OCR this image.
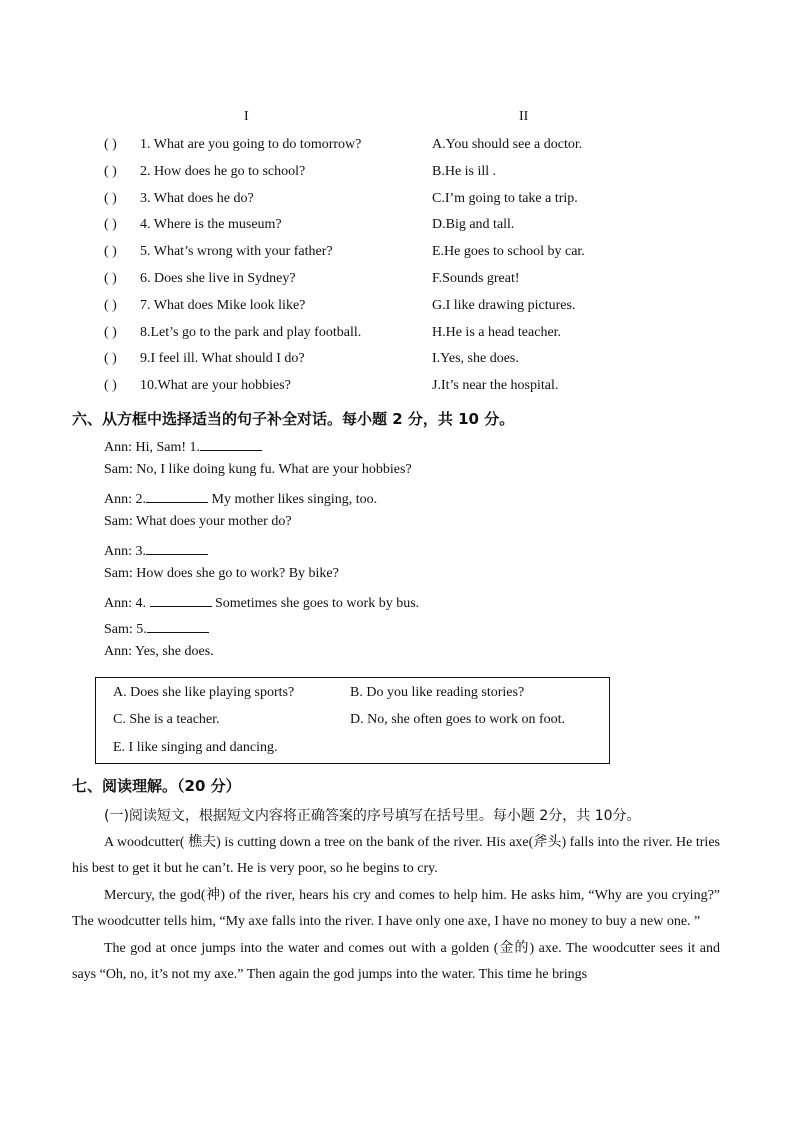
I	II
( ) 1. What are you going to do tomorrow?	A.You should see a doctor.
( ) 2. How does he go to school?	B.He is ill .
( ) 3. What does he do?	C.I’m going to take a trip.
( ) 4. Where is the museum?	D.Big and tall.
( ) 5. What’s wrong with your father?	E.He goes to school by car.
( ) 6. Does she live in Sydney?	F.Sounds great!
( ) 7. What does Mike look like?	G.I like drawing pictures.
( ) 8.Let’s go to the park and play football.	H.He is a head teacher.
( ) 9.I feel ill. What should I do?	I.Yes, she does.
( ) 10.What are your hobbies?	J.It’s near the hospital.
六、从方框中选择适当的句子补全对话。每小题 2 分，共 10 分。
Ann: Hi, Sam! 1.
Sam: No, I like doing kung fu. What are your hobbies?
Ann: 2.	My mother likes singing, too.
Sam: What does your mother do?
Ann: 3.
Sam: How does she go to work? By bike?
Ann: 4.	Sometimes she goes to work by bus.
Sam: 5.
Ann: Yes, she does.
A. Does she like playing sports?	B. Do you like reading stories?
C. She is a teacher.	D. No, she often goes to work on foot.
E. I like singing and dancing.
七、阅读理解。（20 分）

(一)阅读短文，根据短文内容将正确答案的序号填写在括号里。每小题 2分，共 10分。

A woodcutter( 樵夫) is cutting down a tree on the bank of the river. His axe(斧头) falls into the river. He tries his best to get it but he can’t. He is very poor, so he begins to cry.

Mercury, the god(神) of the river, hears his cry and comes to help him. He asks him, “Why are you crying?” The woodcutter tells him, “My axe falls into the river. I have only one axe, I have no money to buy a new one. ”

The god at once jumps into the water and comes out with a golden (金的) axe. The woodcutter sees it and says “Oh, no, it’s not my axe.” Then again the god jumps into the water. This time he brings
